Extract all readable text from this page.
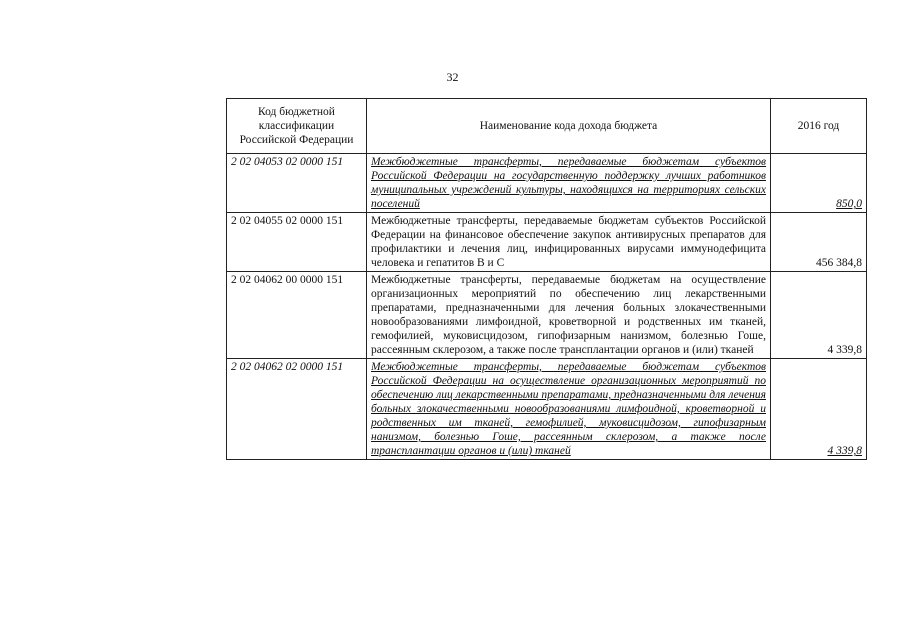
32
Код бюджетной классификации Российской Федерации	Наименование кода дохода бюджета	2016 год
2 02 04053 02 0000 151	Межбюджетные трансферты, передаваемые бюджетам субъектов Российской Федерации на государственную поддержку лучших работников муниципальных учреждений культуры, находящихся на территориях сельских поселений	850,0
2 02 04055 02 0000 151	Межбюджетные трансферты, передаваемые бюджетам субъектов Российской Федерации на финансовое обеспечение закупок антивирусных препаратов для профилактики и лечения лиц, инфицированных вирусами иммунодефицита человека и гепатитов В и С	456 384,8
2 02 04062 00 0000 151	Межбюджетные трансферты, передаваемые бюджетам на осуществление организационных мероприятий по обеспечению лиц лекарственными препаратами, предназначенными для лечения больных злокачественными новообразованиями лимфоидной, кроветворной и родственных им тканей, гемофилией, муковисцидозом, гипофизарным нанизмом, болезнью Гоше, рассеянным склерозом, а также после трансплантации органов и (или) тканей	4 339,8
2 02 04062 02 0000 151	Межбюджетные трансферты, передаваемые бюджетам субъектов Российской Федерации на осуществление организационных мероприятий по обеспечению лиц лекарственными препаратами, предназначенными для лечения больных злокачественными новообразованиями лимфоидной, кроветворной и родственных им тканей, гемофилией, муковисцидозом, гипофизарным нанизмом, болезнью Гоше, рассеянным склерозом, а также после трансплантации органов и (или) тканей	4 339,8
